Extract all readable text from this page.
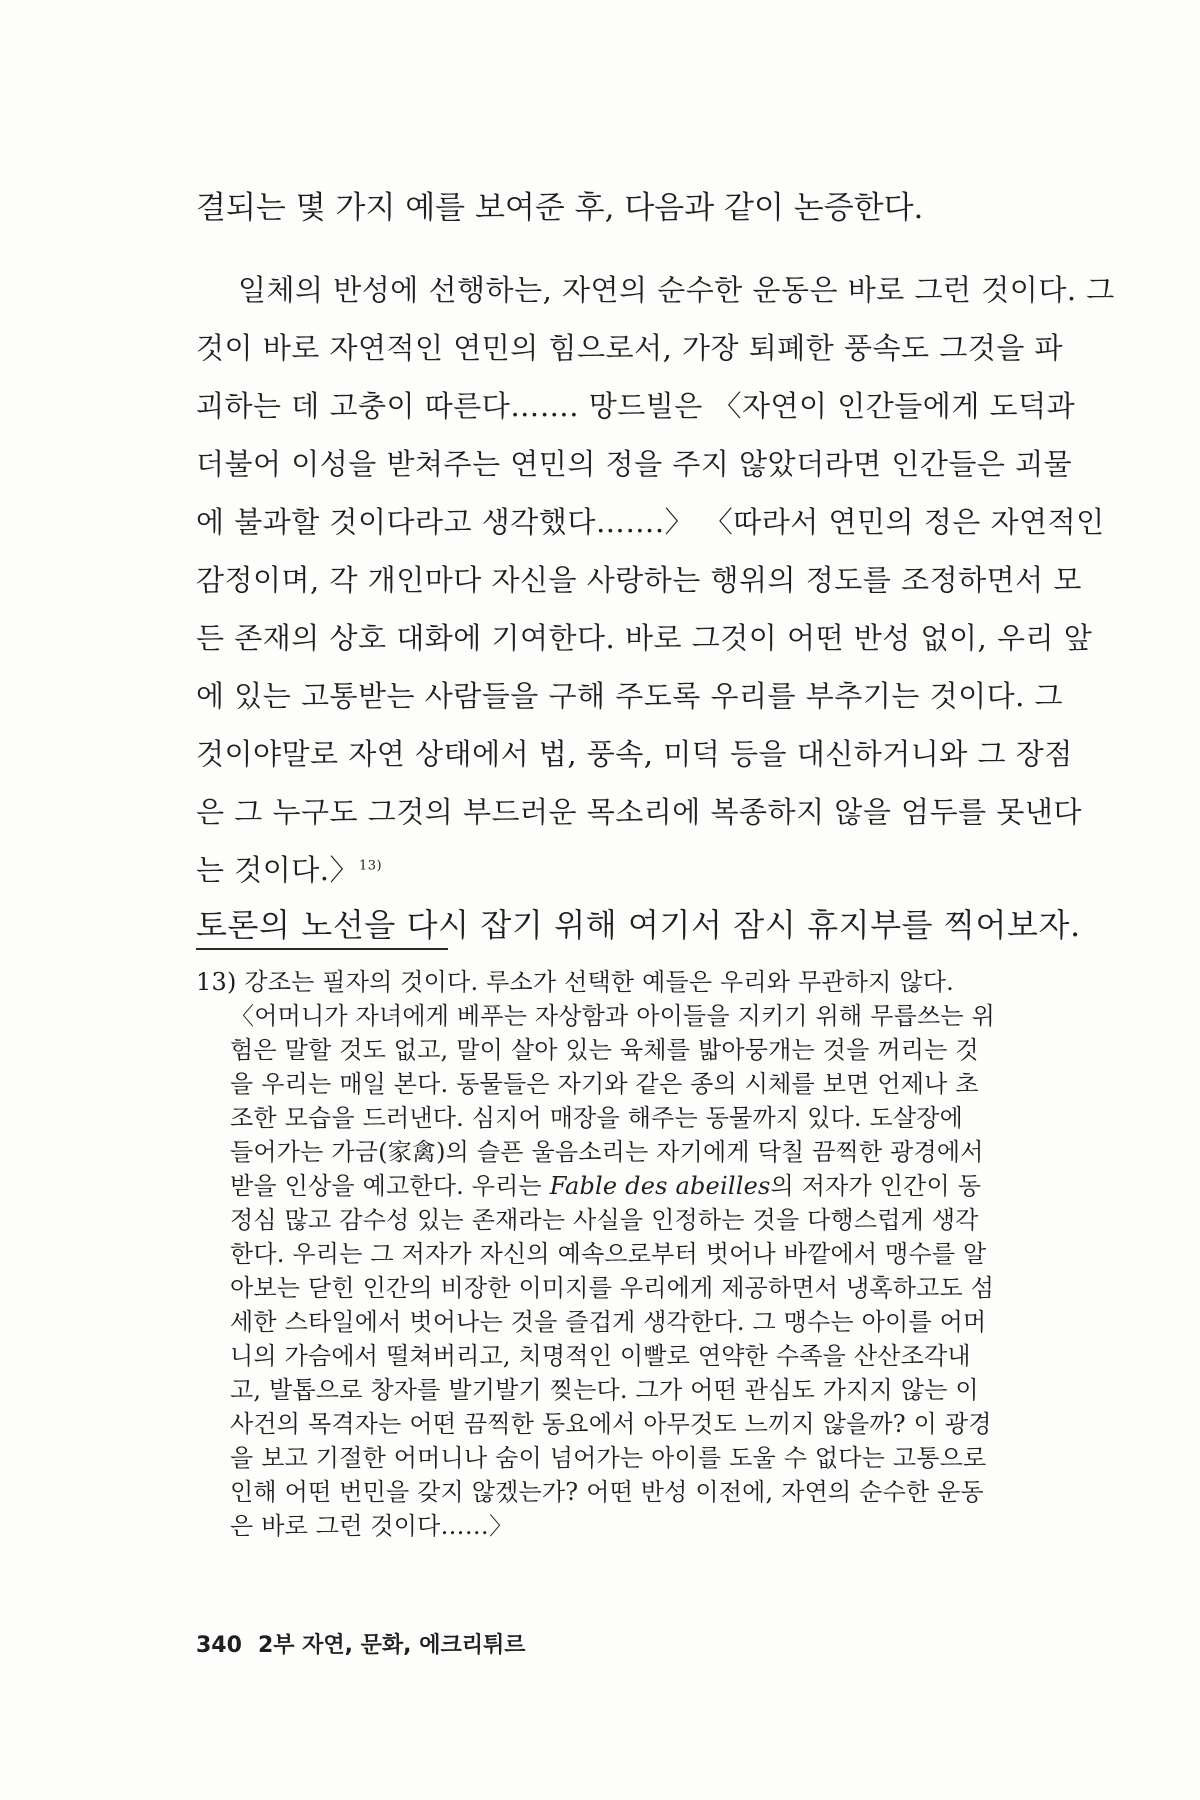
결되는 몇 가지 예를 보여준 후, 다음과 같이 논증한다.
일체의 반성에 선행하는, 자연의 순수한 운동은 바로 그런 것이다. 그
것이 바로 자연적인 연민의 힘으로서, 가장 퇴폐한 풍속도 그것을 파
괴하는 데 고충이 따른다……. 망드빌은 〈자연이 인간들에게 도덕과
더불어 이성을 받쳐주는 연민의 정을 주지 않았더라면 인간들은 괴물
에 불과할 것이다라고 생각했다…….〉 〈따라서 연민의 정은 자연적인
감정이며, 각 개인마다 자신을 사랑하는 행위의 정도를 조정하면서 모
든 존재의 상호 대화에 기여한다. 바로 그것이 어떤 반성 없이, 우리 앞
에 있는 고통받는 사람들을 구해 주도록 우리를 부추기는 것이다. 그
것이야말로 자연 상태에서 법, 풍속, 미덕 등을 대신하거니와 그 장점
은 그 누구도 그것의 부드러운 목소리에 복종하지 않을 엄두를 못낸다
는 것이다.〉$^{13)}$
토론의 노선을 다시 잡기 위해 여기서 잠시 휴지부를 찍어보자.
13) 강조는 필자의 것이다. 루소가 선택한 예들은 우리와 무관하지 않다.
〈어머니가 자녀에게 베푸는 자상함과 아이들을 지키기 위해 무릅쓰는 위
험은 말할 것도 없고, 말이 살아 있는 육체를 밟아뭉개는 것을 꺼리는 것
을 우리는 매일 본다. 동물들은 자기와 같은 종의 시체를 보면 언제나 초
조한 모습을 드러낸다. 심지어 매장을 해주는 동물까지 있다. 도살장에
들어가는 가금(家禽)의 슬픈 울음소리는 자기에게 닥칠 끔찍한 광경에서
받을 인상을 예고한다. 우리는 Fable des abeilles의 저자가 인간이 동
정심 많고 감수성 있는 존재라는 사실을 인정하는 것을 다행스럽게 생각
한다. 우리는 그 저자가 자신의 예속으로부터 벗어나 바깥에서 맹수를 알
아보는 닫힌 인간의 비장한 이미지를 우리에게 제공하면서 냉혹하고도 섬
세한 스타일에서 벗어나는 것을 즐겁게 생각한다. 그 맹수는 아이를 어머
니의 가슴에서 떨쳐버리고, 치명적인 이빨로 연약한 수족을 산산조각내
고, 발톱으로 창자를 발기발기 찢는다. 그가 어떤 관심도 가지지 않는 이
사건의 목격자는 어떤 끔찍한 동요에서 아무것도 느끼지 않을까? 이 광경
을 보고 기절한 어머니나 숨이 넘어가는 아이를 도울 수 없다는 고통으로
인해 어떤 번민을 갖지 않겠는가? 어떤 반성 이전에, 자연의 순수한 운동
은 바로 그런 것이다……〉
340 2부 자연, 문화, 에크리튀르
